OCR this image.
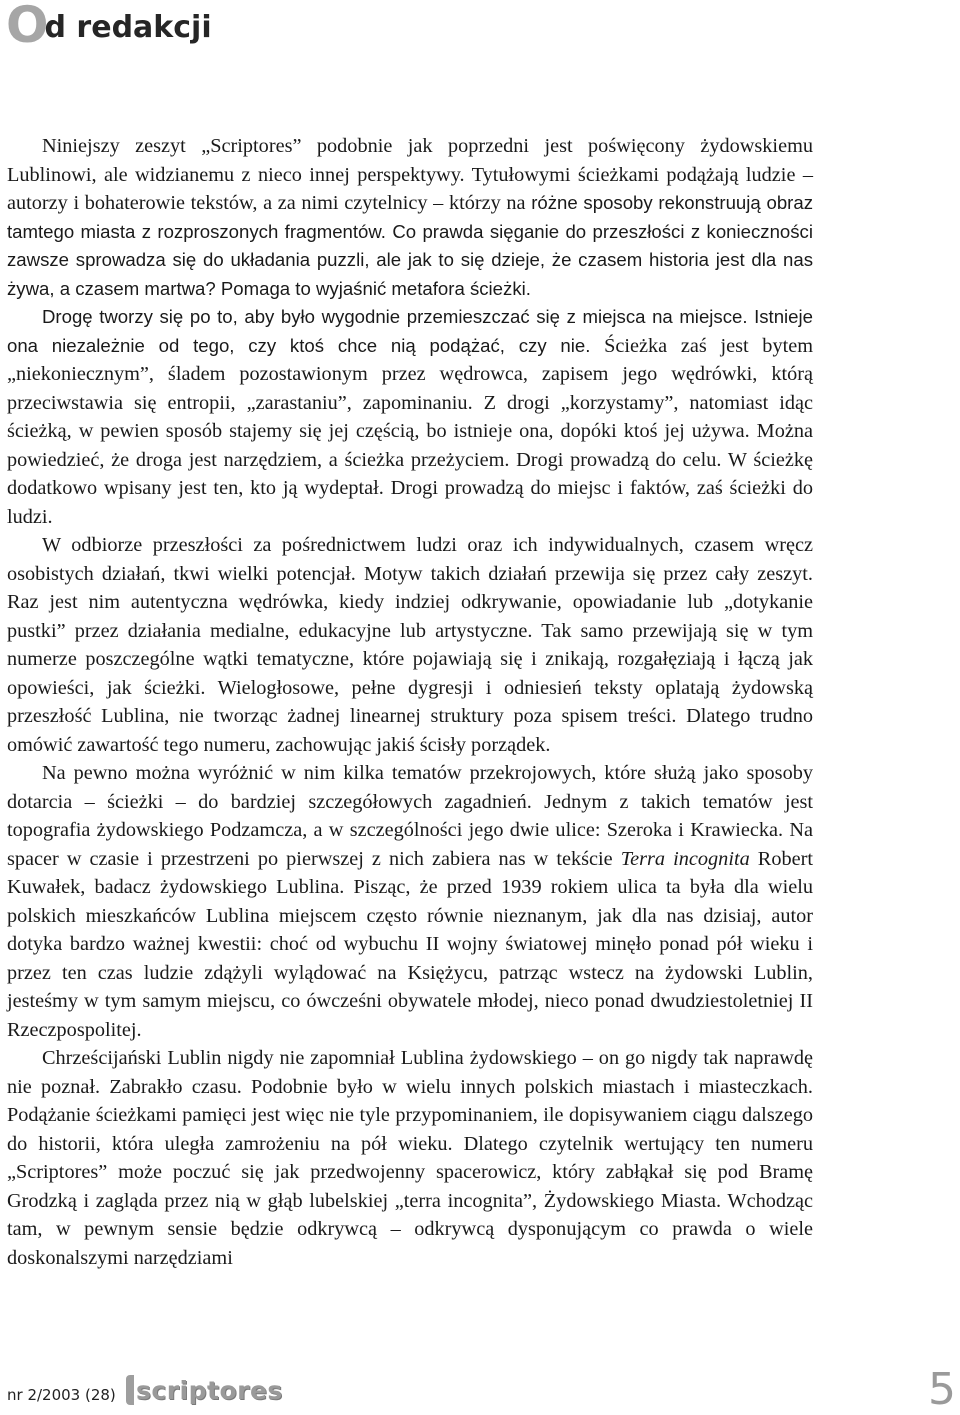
O d redakcji

Niniejszy zeszyt „Scriptores” podobnie jak poprzedni jest poświęcony żydowskiemu Lublinowi, ale widzianemu z nieco innej perspektywy. Tytułowymi ścieżkami podążają ludzie – autorzy i bohaterowie tekstów, a za nimi czytelnicy – którzy na różne sposoby rekonstruują obraz tamtego miasta z rozproszonych fragmentów. Co prawda sięganie do przeszłości z konieczności zawsze sprowadza się do układania puzzli, ale jak to się dzieje, że czasem historia jest dla nas żywa, a czasem martwa? Pomaga to wyjaśnić metafora ścieżki.

Drogę tworzy się po to, aby było wygodnie przemieszczać się z miejsca na miejsce. Istnieje ona niezależnie od tego, czy ktoś chce nią podążać, czy nie. Ścieżka zaś jest bytem „niekoniecznym”, śladem pozostawionym przez wędrowca, zapisem jego wędrówki, którą przeciwstawia się entropii, „zarastaniu”, zapominaniu. Z drogi „korzystamy”, natomiast idąc ścieżką, w pewien sposób stajemy się jej częścią, bo istnieje ona, dopóki ktoś jej używa. Można powiedzieć, że droga jest narzędziem, a ścieżka przeżyciem. Drogi prowadzą do celu. W ścieżkę dodatkowo wpisany jest ten, kto ją wydeptał. Drogi prowadzą do miejsc i faktów, zaś ścieżki do ludzi.

W odbiorze przeszłości za pośrednictwem ludzi oraz ich indywidualnych, czasem wręcz osobistych działań, tkwi wielki potencjał. Motyw takich działań przewija się przez cały zeszyt. Raz jest nim autentyczna wędrówka, kiedy indziej odkrywanie, opowiadanie lub „dotykanie pustki” przez działania medialne, edukacyjne lub artystyczne. Tak samo przewijają się w tym numerze poszczególne wątki tematyczne, które pojawiają się i znikają, rozgałęziają i łączą jak opowieści, jak ścieżki. Wielogłosowe, pełne dygresji i odniesień teksty oplatają żydowską przeszłość Lublina, nie tworząc żadnej linearnej struktury poza spisem treści. Dlatego trudno omówić zawartość tego numeru, zachowując jakiś ścisły porządek.

Na pewno można wyróżnić w nim kilka tematów przekrojowych, które służą jako sposoby dotarcia – ścieżki – do bardziej szczegółowych zagadnień. Jednym z takich tematów jest topografia żydowskiego Podzamcza, a w szczególności jego dwie ulice: Szeroka i Krawiecka. Na spacer w czasie i przestrzeni po pierwszej z nich zabiera nas w tekście Terra incognita Robert Kuwałek, badacz żydowskiego Lublina. Pisząc, że przed 1939 rokiem ulica ta była dla wielu polskich mieszkańców Lublina miejscem często równie nieznanym, jak dla nas dzisiaj, autor dotyka bardzo ważnej kwestii: choć od wybuchu II wojny światowej minęło ponad pół wieku i przez ten czas ludzie zdążyli wylądować na Księżycu, patrząc wstecz na żydowski Lublin, jesteśmy w tym samym miejscu, co ówcześni obywatele młodej, nieco ponad dwudziestoletniej II Rzeczpospolitej.

Chrześcijański Lublin nigdy nie zapomniał Lublina żydowskiego – on go nigdy tak naprawdę nie poznał. Zabrakło czasu. Podobnie było w wielu innych polskich miastach i miasteczkach. Podążanie ścieżkami pamięci jest więc nie tyle przypominaniem, ile dopisywaniem ciągu dalszego do historii, która uległa zamrożeniu na pół wieku. Dlatego czytelnik wertujący ten numeru „Scriptores” może poczuć się jak przedwojenny spacerowicz, który zabłąkał się pod Bramę Grodzką i zagląda przez nią w głąb lubelskiej „terra incognita”, Żydowskiego Miasta. Wchodząc tam, w pewnym sensie będzie odkrywcą – odkrywcą dysponującym co prawda o wiele doskonalszymi narzędziami

nr 2/2003 (28) scriptores	5
